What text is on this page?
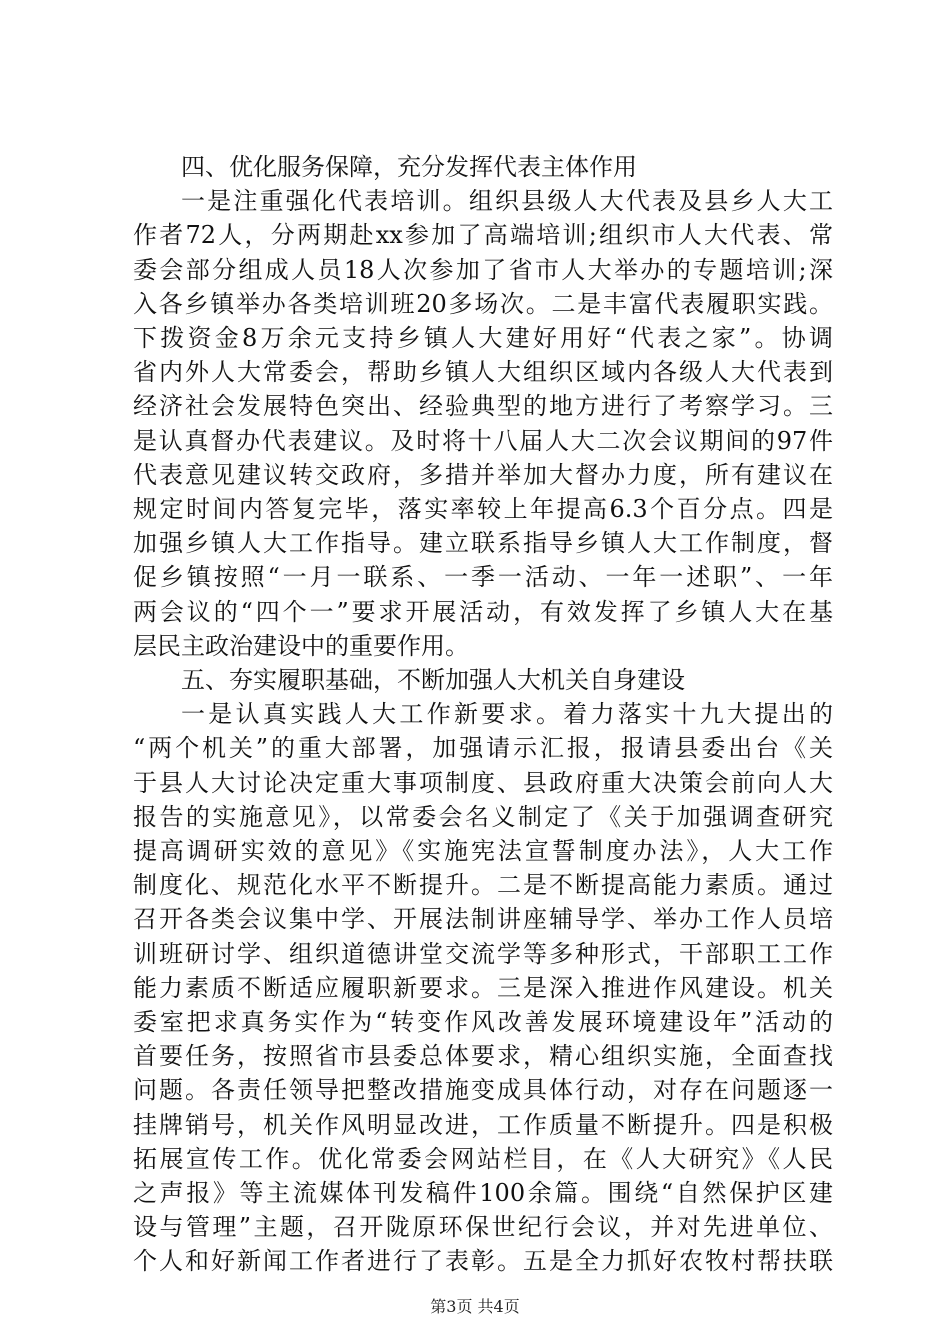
四、优化服务保障，充分发挥代表主体作用
一是注重强化代表培训。组织县级人大代表及县乡人大工
作者72人，分两期赴xx参加了高端培训;组织市人大代表、常
委会部分组成人员18人次参加了省市人大举办的专题培训;深
入各乡镇举办各类培训班20多场次。二是丰富代表履职实践。
下拨资金8万余元支持乡镇人大建好用好“代表之家”。协调
省内外人大常委会，帮助乡镇人大组织区域内各级人大代表到
经济社会发展特色突出、经验典型的地方进行了考察学习。三
是认真督办代表建议。及时将十八届人大二次会议期间的97件
代表意见建议转交政府，多措并举加大督办力度，所有建议在
规定时间内答复完毕，落实率较上年提高6.3个百分点。四是
加强乡镇人大工作指导。建立联系指导乡镇人大工作制度，督
促乡镇按照“一月一联系、一季一活动、一年一述职”、一年
两会议的“四个一”要求开展活动，有效发挥了乡镇人大在基
层民主政治建设中的重要作用。
五、夯实履职基础，不断加强人大机关自身建设
一是认真实践人大工作新要求。着力落实十九大提出的
“两个机关”的重大部署，加强请示汇报，报请县委出台《关
于县人大讨论决定重大事项制度、县政府重大决策会前向人大
报告的实施意见》，以常委会名义制定了《关于加强调查研究
提高调研实效的意见》《实施宪法宣誓制度办法》，人大工作
制度化、规范化水平不断提升。二是不断提高能力素质。通过
召开各类会议集中学、开展法制讲座辅导学、举办工作人员培
训班研讨学、组织道德讲堂交流学等多种形式，干部职工工作
能力素质不断适应履职新要求。三是深入推进作风建设。机关
委室把求真务实作为“转变作风改善发展环境建设年”活动的
首要任务，按照省市县委总体要求，精心组织实施，全面查找
问题。各责任领导把整改措施变成具体行动，对存在问题逐一
挂牌销号，机关作风明显改进，工作质量不断提升。四是积极
拓展宣传工作。优化常委会网站栏目，在《人大研究》《人民
之声报》等主流媒体刊发稿件100余篇。围绕“自然保护区建
设与管理”主题，召开陇原环保世纪行会议，并对先进单位、
个人和好新闻工作者进行了表彰。五是全力抓好农牧村帮扶联
第3页 共4页
